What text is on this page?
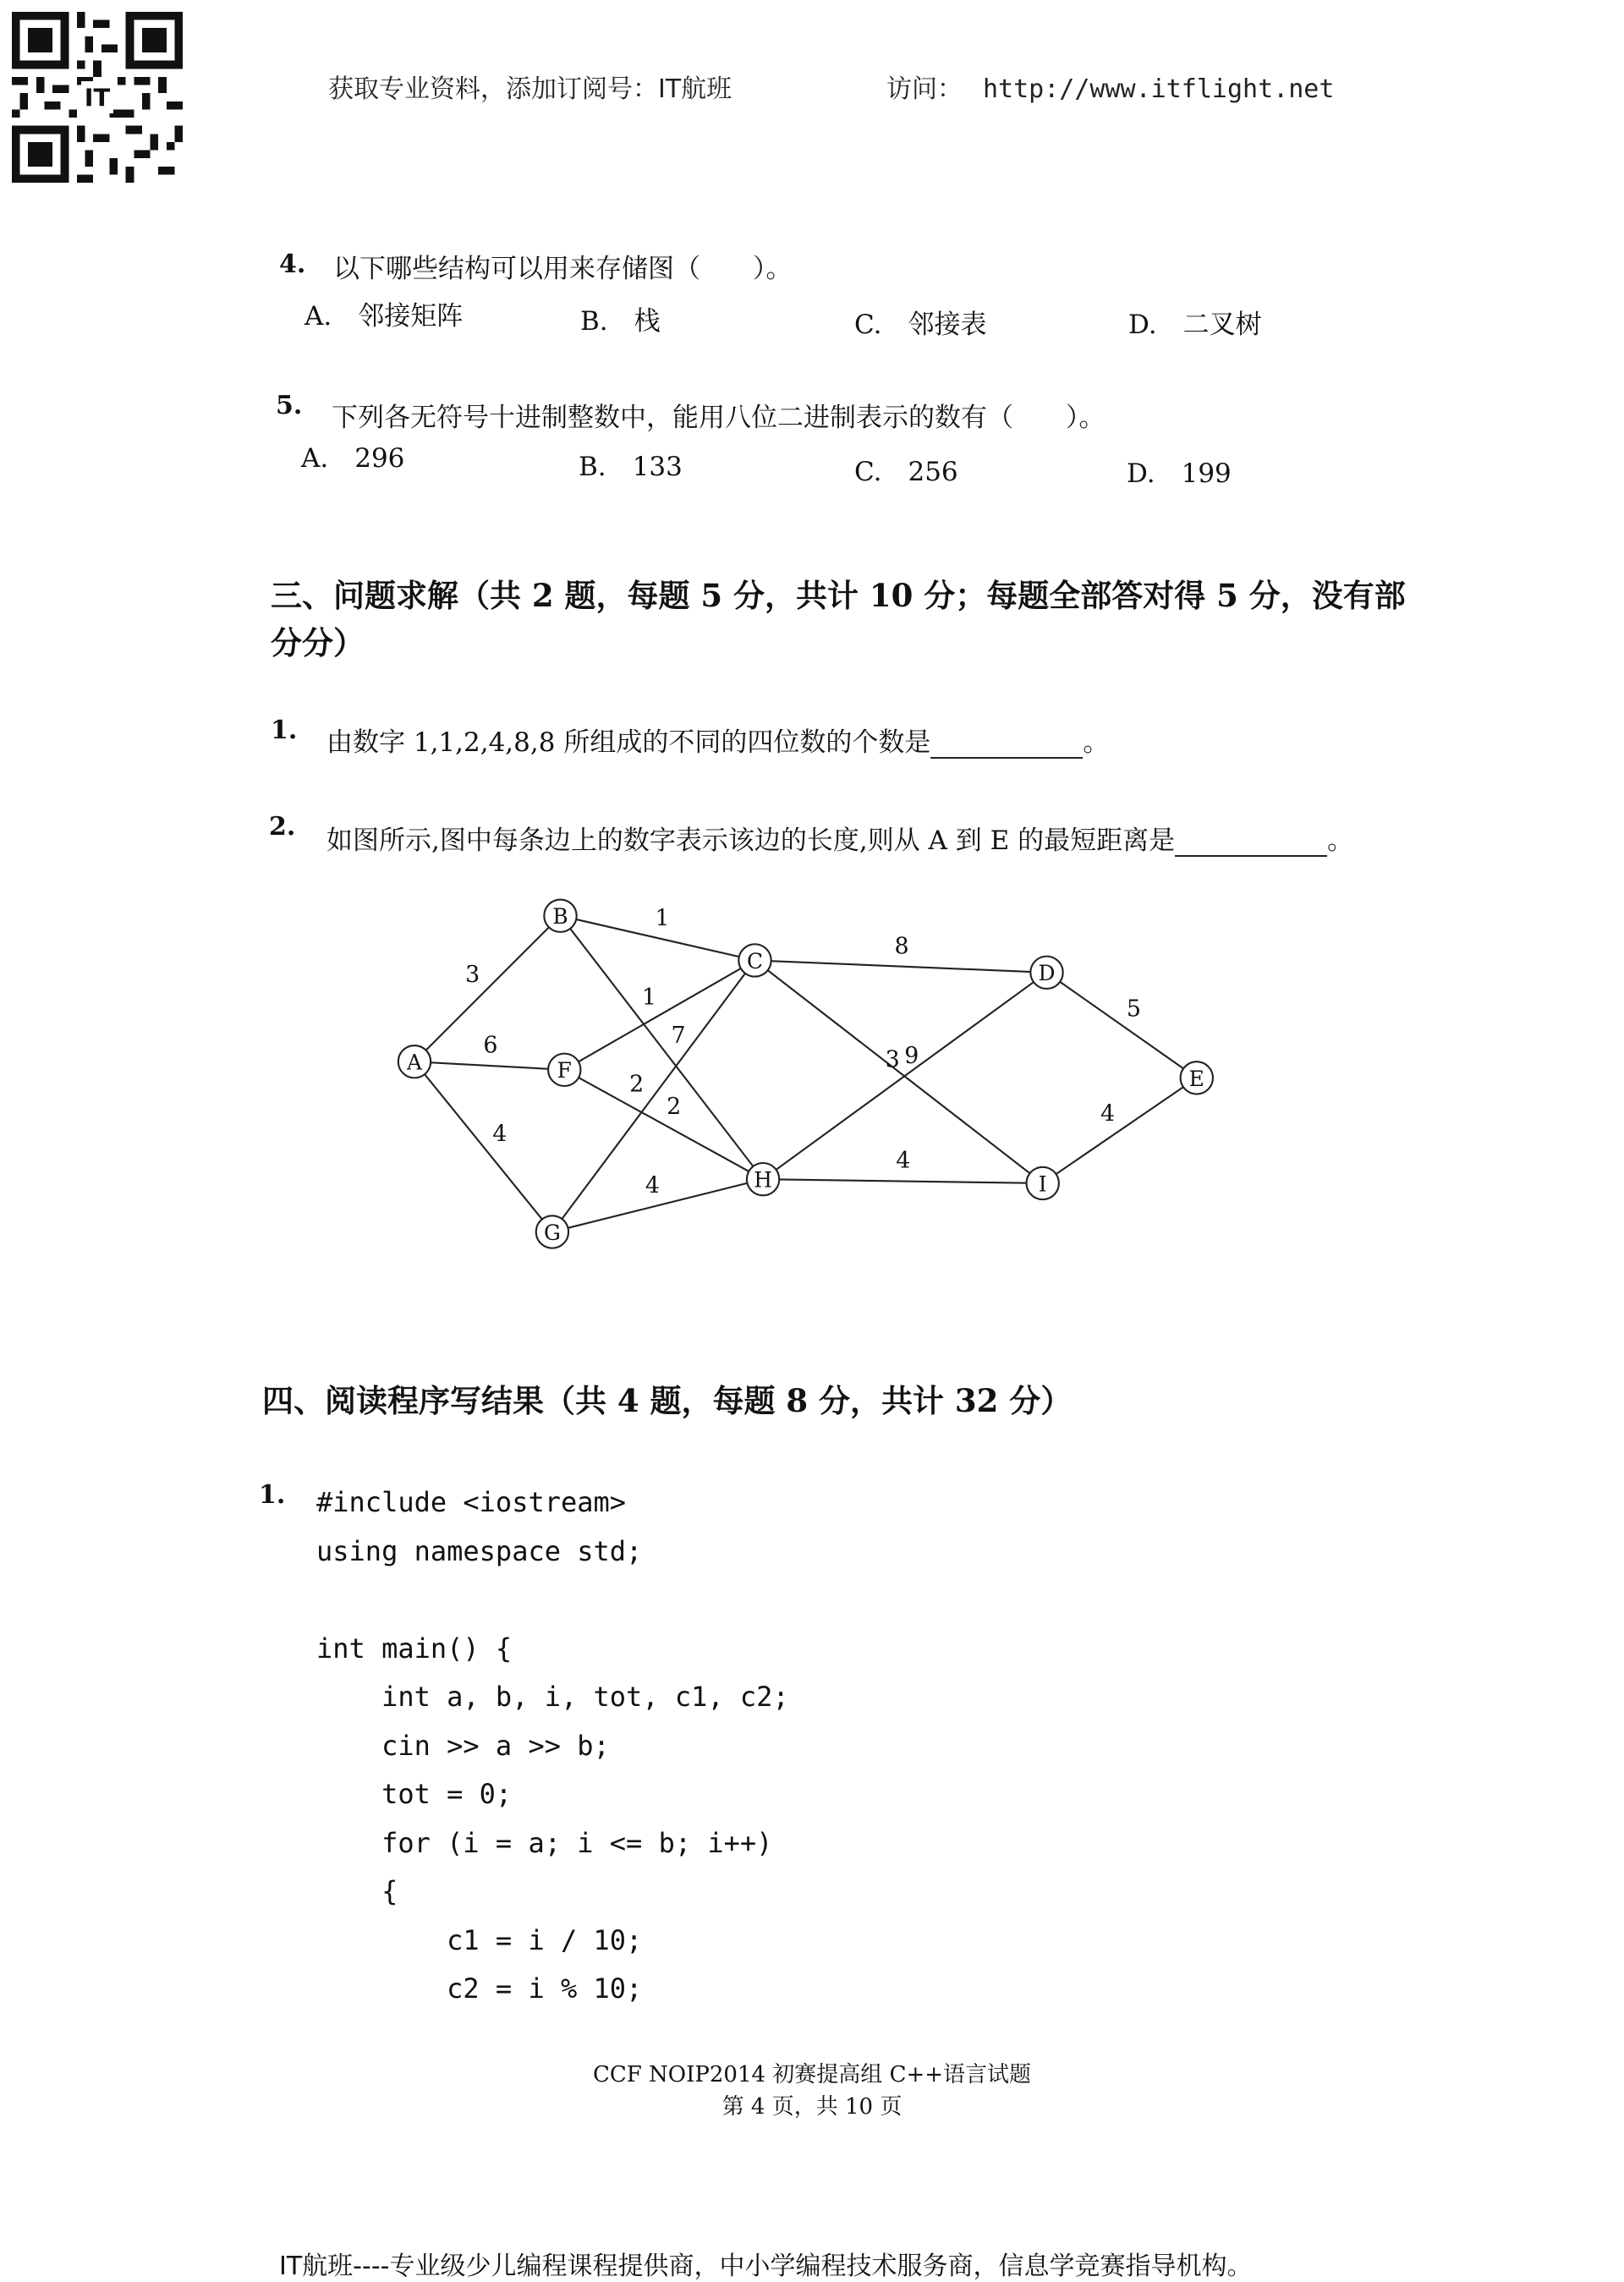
IT	获取专业资料，添加订阅号：IT航班	访问： http://www.itflight.net
4. 以下哪些结构可以用来存储图（　　）。
A.　邻接矩阵	B.　栈	C.　邻接表	D.　二叉树
5. 下列各无符号十进制整数中，能用八位二进制表示的数有（　　）。
A.　296	B.　133	C.　256	D.　199
三、问题求解（共 2 题，每题 5 分，共计 10 分；每题全部答对得 5 分，没有部
分分）
1. 由数字 1,1,2,4,8,8 所组成的不同的四位数的个数是	。
2. 如图所示,图中每条边上的数字表示该边的长度,则从 A 到 E 的最短距离是	。
3
6
4
1
7
1
2
2
4
8
9
3
4
5
4
A
B
C	D
E
F
G
H	I
四、阅读程序写结果（共 4 题，每题 8 分，共计 32 分）
1. #include <iostream>
using namespace std;

int main() {
int a, b, i, tot, c1, c2;
cin >> a >> b;
tot = 0;
for (i = a; i <= b; i++)
{
c1 = i / 10;
c2 = i % 10;
CCF NOIP2014 初赛提高组 C++语言试题
第 4 页，共 10 页
IT航班----专业级少儿编程课程提供商，中小学编程技术服务商，信息学竞赛指导机构。
